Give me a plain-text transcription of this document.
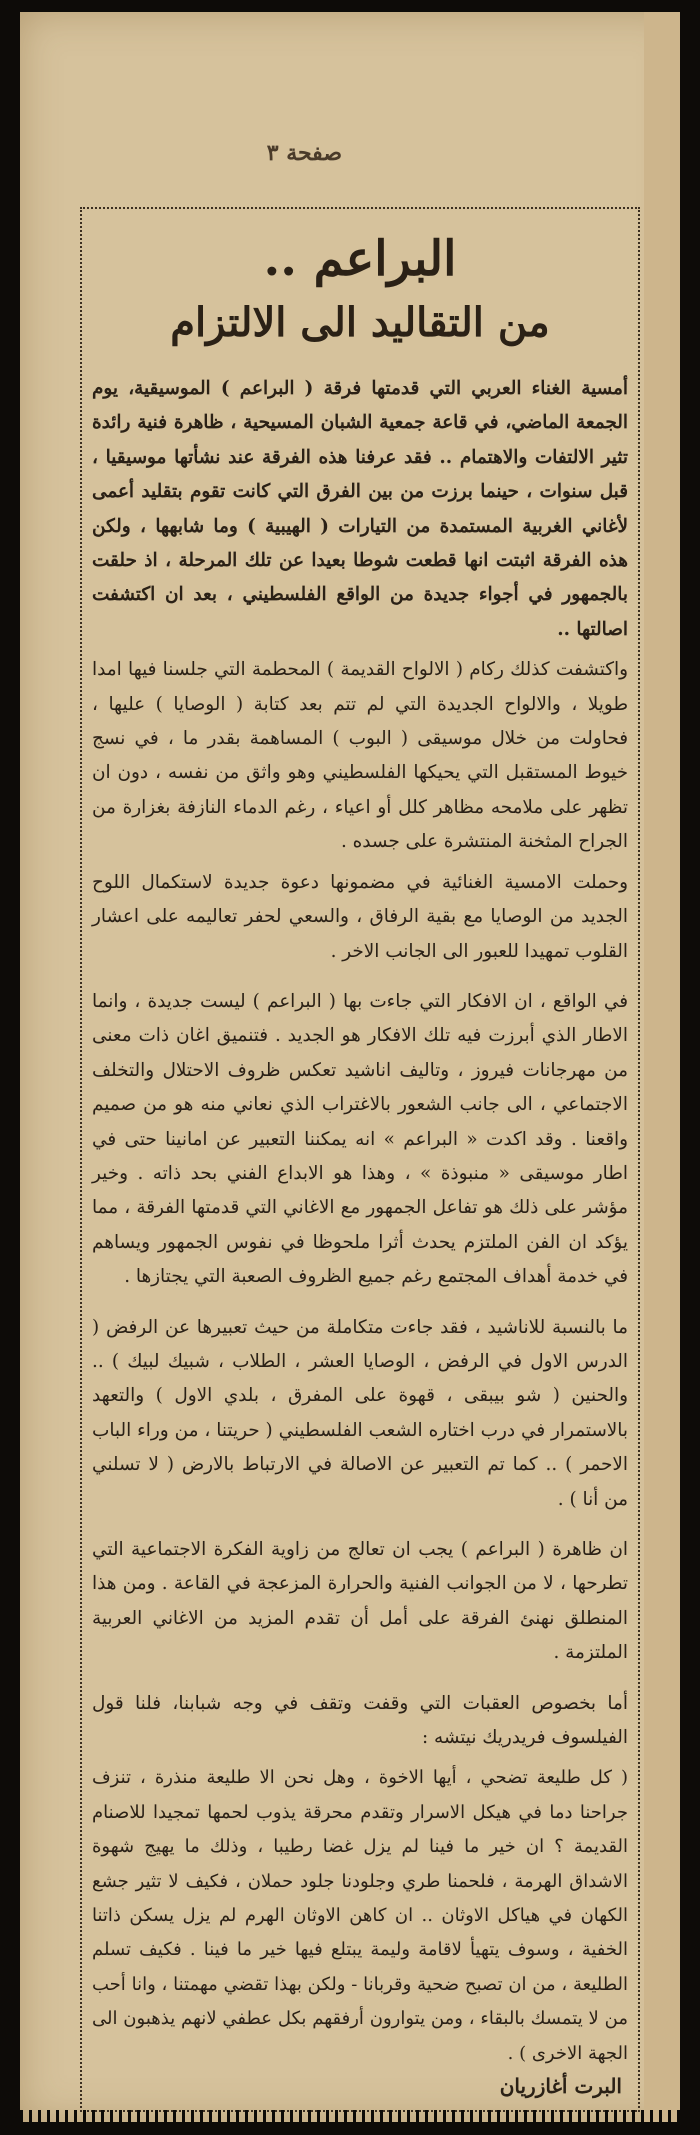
صفحة ٣
البراعم ..
من التقاليد الى الالتزام

أمسية الغناء العربي التي قدمتها فرقة ( البراعم ) الموسيقية، يوم الجمعة الماضي، في قاعة جمعية الشبان المسيحية ، ظاهرة فنية رائدة تثير الالتفات والاهتمام .. فقد عرفنا هذه الفرقة عند نشأتها موسيقيا ، قبل سنوات ، حينما برزت من بين الفرق التي كانت تقوم بتقليد أعمى لأغاني الغربية المستمدة من التيارات ( الهيبية ) وما شابهها ، ولكن هذه الفرقة اثبتت انها قطعت شوطا بعيدا عن تلك المرحلة ، اذ حلقت بالجمهور في أجواء جديدة من الواقع الفلسطيني ، بعد ان اكتشفت اصالتها ..

واكتشفت كذلك ركام ( الالواح القديمة ) المحطمة التي جلسنا فيها امدا طويلا ، والالواح الجديدة التي لم تتم بعد كتابة ( الوصايا ) عليها ، فحاولت من خلال موسيقى ( البوب ) المساهمة بقدر ما ، في نسج خيوط المستقبل التي يحيكها الفلسطيني وهو واثق من نفسه ، دون ان تظهر على ملامحه مظاهر كلل أو اعياء ، رغم الدماء النازفة بغزارة من الجراح المثخنة المنتشرة على جسده .

وحملت الامسية الغنائية في مضمونها دعوة جديدة لاستكمال اللوح الجديد من الوصايا مع بقية الرفاق ، والسعي لحفر تعاليمه على اعشار القلوب تمهيدا للعبور الى الجانب الاخر .

في الواقع ، ان الافكار التي جاءت بها ( البراعم ) ليست جديدة ، وانما الاطار الذي أبرزت فيه تلك الافكار هو الجديد . فتنميق اغان ذات معنى من مهرجانات فيروز ، وتاليف اناشيد تعكس ظروف الاحتلال والتخلف الاجتماعي ، الى جانب الشعور بالاغتراب الذي نعاني منه هو من صميم واقعنا . وقد اكدت « البراعم » انه يمكننا التعبير عن امانينا حتى في اطار موسيقى « منبوذة » ، وهذا هو الابداع الفني بحد ذاته . وخير مؤشر على ذلك هو تفاعل الجمهور مع الاغاني التي قدمتها الفرقة ، مما يؤكد ان الفن الملتزم يحدث أثرا ملحوظا في نفوس الجمهور ويساهم في خدمة أهداف المجتمع رغم جميع الظروف الصعبة التي يجتازها .

ما بالنسبة للاناشيد ، فقد جاءت متكاملة من حيث تعبيرها عن الرفض ( الدرس الاول في الرفض ، الوصايا العشر ، الطلاب ، شبيك لبيك ) .. والحنين ( شو بيبقى ، قهوة على المفرق ، بلدي الاول ) والتعهد بالاستمرار في درب اختاره الشعب الفلسطيني ( حريتنا ، من وراء الباب الاحمر ) .. كما تم التعبير عن الاصالة في الارتباط بالارض ( لا تسلني من أنا ) .

ان ظاهرة ( البراعم ) يجب ان تعالج من زاوية الفكرة الاجتماعية التي تطرحها ، لا من الجوانب الفنية والحرارة المزعجة في القاعة . ومن هذا المنطلق نهنئ الفرقة على أمل أن تقدم المزيد من الاغاني العربية الملتزمة .

أما بخصوص العقبات التي وقفت وتقف في وجه شبابنا، فلنا قول الفيلسوف فريدريك نيتشه :

( كل طليعة تضحي ، أيها الاخوة ، وهل نحن الا طليعة منذرة ، تنزف جراحنا دما في هيكل الاسرار وتقدم محرقة يذوب لحمها تمجيدا للاصنام القديمة ؟ ان خير ما فينا لم يزل غضا رطيبا ، وذلك ما يهيج شهوة الاشداق الهرمة ، فلحمنا طري وجلودنا جلود حملان ، فكيف لا تثير جشع الكهان في هياكل الاوثان .. ان كاهن الاوثان الهرم لم يزل يسكن ذاتنا الخفية ، وسوف يتهيأ لاقامة وليمة يبتلع فيها خير ما فينا . فكيف تسلم الطليعة ، من ان تصبح ضحية وقربانا - ولكن بهذا تقضي مهمتنا ، وانا أحب من لا يتمسك بالبقاء ، ومن يتوارون أرفقهم بكل عطفي لانهم يذهبون الى الجهة الاخرى ) .

البرت أغازريان
